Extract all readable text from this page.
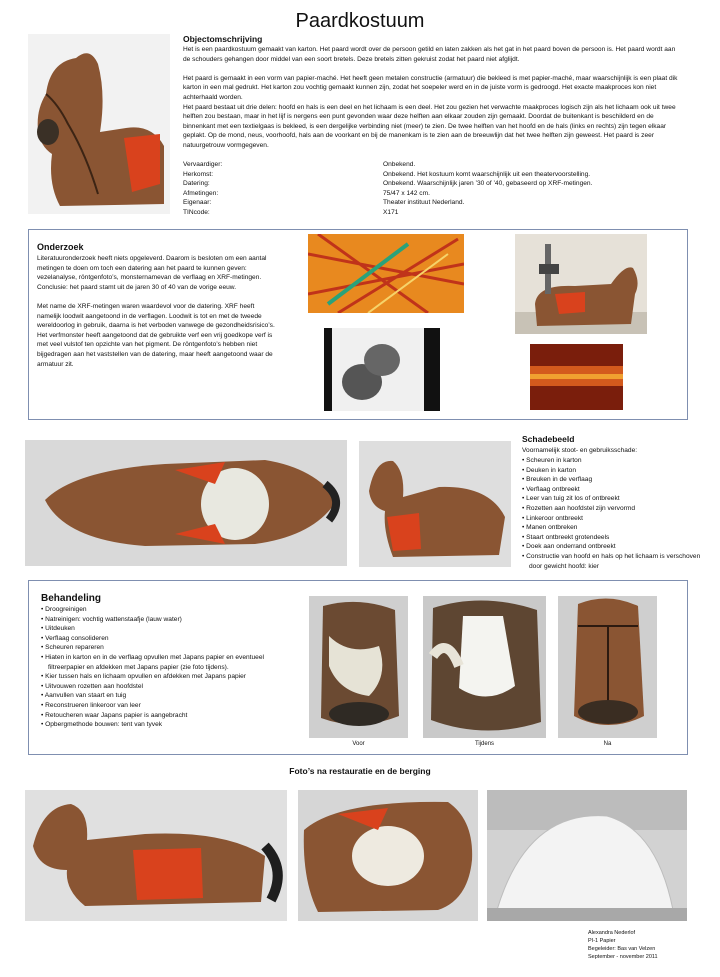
Paardkostuum
Objectomschrijving

Het is een paardkostuum gemaakt van karton. Het paard wordt over de persoon getild en laten zakken als het gat in het paard boven de persoon is. Het paard wordt aan de schouders gehangen door middel van een soort bretels. Deze bretels zitten gekruist zodat het paard niet afglijdt.

Het paard is gemaakt in een vorm van papier-maché. Het heeft geen metalen constructie (armatuur) die bekleed is met papier-maché, maar waarschijnlijk is een plaat dik karton in een mal gedrukt. Het karton zou vochtig gemaakt kunnen zijn, zodat het soepeler werd en in de juiste vorm is gedroogd. Het exacte maakproces kon niet achterhaald worden.

Het paard bestaat uit drie delen: hoofd en hals is een deel en het lichaam is een deel. Het zou gezien het verwachte maakproces logisch zijn als het lichaam ook uit twee helften zou bestaan, maar in het lijf is nergens een punt gevonden waar deze helften aan elkaar zouden zijn gemaakt. Doordat de buitenkant is beschilderd en de binnenkant met een textielgaas is bekleed, is een dergelijke verbinding niet (meer) te zien. De twee helften van het hoofd en de hals (links en rechts) zijn tegen elkaar geplakt. Op de mond, neus, voorhoofd, hals aan de voorkant en bij de manenkam is te zien aan de breeuwlijn dat het twee helften zijn geweest. Het paard is zeer natuurgetrouw vormgegeven.

Vervaardiger:	Onbekend.
Herkomst:	Onbekend. Het kostuum komt waarschijnlijk uit een theatervoorstelling.
Datering:	Onbekend. Waarschijnlijk jaren ’30 of ’40, gebaseerd op XRF-metingen.
Afmetingen:	75/47 x 142 cm.
Eigenaar:	Theater instituut Nederland.
TINcode:	X171
Onderzoek

Literatuuronderzoek heeft niets opgeleverd. Daarom is besloten om een aantal metingen te doen om toch een datering aan het paard te kunnen geven: vezelanalyse, röntgenfoto’s, monsternamevan de verflaag en XRF-metingen. Conclusie: het paard stamt uit de jaren 30 of 40 van de vorige eeuw.

Met name de XRF-metingen waren waardevol voor de datering. XRF heeft namelijk loodwit aangetoond in de verflagen. Loodwit is tot en met de tweede wereldoorlog in gebruik, daarna is het verboden vanwege de gezondheidsrisico’s.

Het verfmonster heeft aangetoond dat de gebruikte verf een vrij goedkope verf is met veel vulstof ten opzichte van het pigment. De röntgenfoto’s hebben niet bijgedragen aan het vaststellen van de datering, maar heeft aangetoond waar de armatuur zit.

Schadebeeld
Voornamelijk stoot- en gebruiksschade:
• Scheuren in karton
• Deuken in karton
• Breuken in de verflaag
• Verflaag ontbreekt
• Leer van tuig zit los of ontbreekt
• Rozetten aan hoofdstel zijn vervormd
• Linkeroor ontbreekt
• Manen ontbreken
• Staart ontbreekt grotendeels
• Doek aan onderrand ontbreekt
• Constructie van hoofd en hals op het lichaam is verschoven door gewicht hoofd: kier
Behandeling
• Droogreinigen
• Natreinigen: vochtig wattenstaafje (lauw water)
• Uitdeuken
• Verflaag consolideren
• Scheuren repareren
• Hiaten in karton en in de verflaag opvullen met Japans papier en eventueel filtreerpapier en afdekken met Japans papier (zie foto tijdens).
• Kier tussen hals en lichaam opvullen en afdekken met Japans papier
• Uitvouwen rozetten aan hoofdstel
• Aanvullen van staart en tuig
• Reconstrueren linkeroor van leer
• Retoucheren waar Japans papier is aangebracht
• Opbergmethode bouwen: tent van tyvek
Voor	Tijdens	Na
Foto’s na restauratie en de berging
Alexandra Nederlof
PI-1 Papier
Begeleider: Bas van Velzen
September - november 2011
